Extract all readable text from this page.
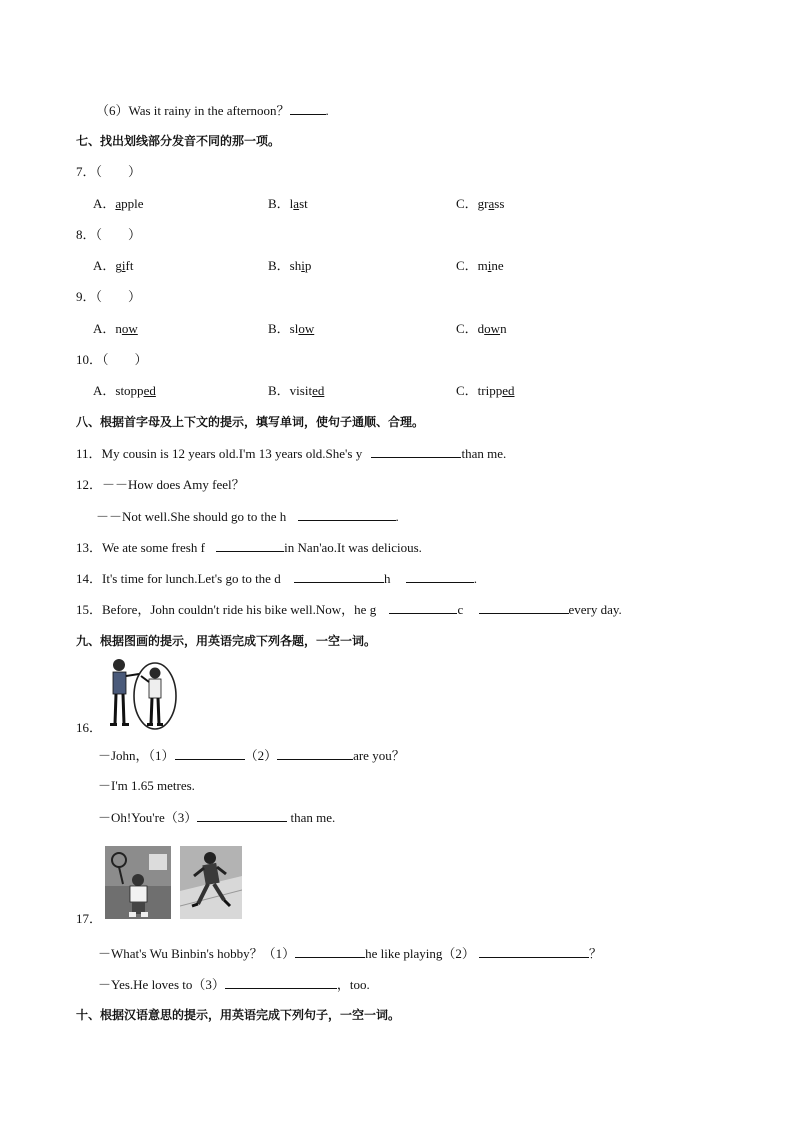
（6）Was it rainy in the afternoon？	.
七、找出划线部分发音不同的那一项。
7．（　　）
A．apple	B．last	C．grass
8．（　　）
A．gift	B．ship	C．mine
9．（　　）
A．now	B．slow	C．down
10．（　　）
A．stopped	B．visited	C．tripped
八、根据首字母及上下文的提示，填写单词，使句子通顺、合理。
11．My cousin is 12 years old.I'm 13 years old.She's y	than me.
12．－－How does Amy feel？
－－Not well.She should go to the h	.
13．We ate some fresh f	in Nan'ao.It was delicious.
14．It's time for lunch.Let's go to the d	h	.
15．Before，John couldn't ride his bike well.Now，he g	c	every day.
九、根据图画的提示，用英语完成下列各题，一空一词。
16．
－John，（1）	（2）	are you？
－I'm 1.65 metres.
－Oh!You're（3）	than me.
17．
－What's Wu Binbin's hobby？（1）	he like playing（2）	？
－Yes.He loves to（3）	，too.
十、根据汉语意思的提示，用英语完成下列句子，一空一词。
